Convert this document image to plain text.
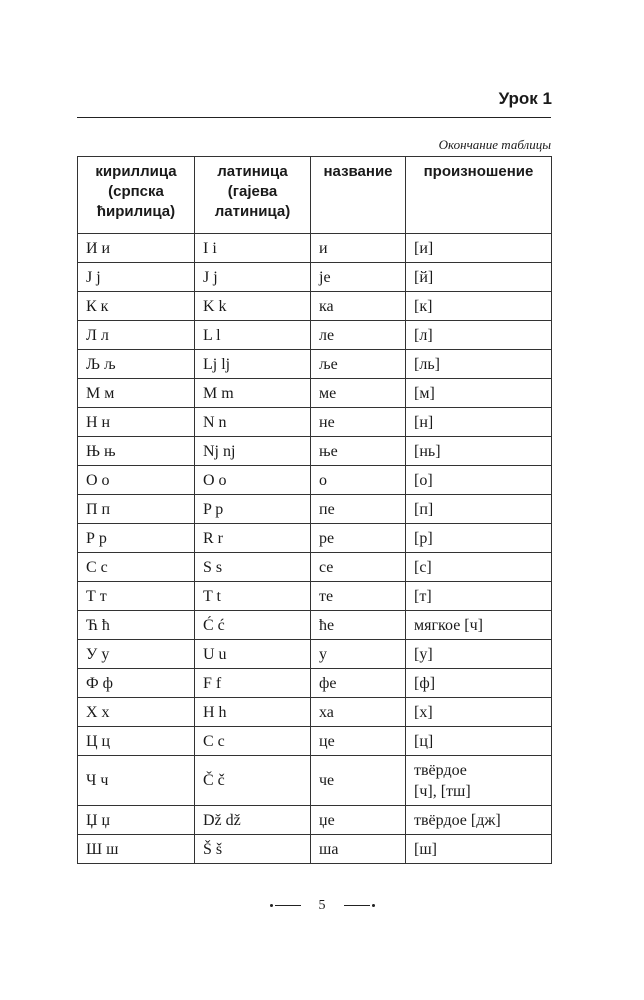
Урок 1
Окончание таблицы
кириллица
(српска
ћирилица)	латиница
(гајева
латиница)	название	произношение
И и	I i	и	[и]
Ј ј	J j	је	[й]
К к	K k	ка	[к]
Л л	L l	ле	[л]
Љ љ	Lj lj	ље	[ль]
М м	M m	ме	[м]
Н н	N n	не	[н]
Њ њ	Nj nj	ње	[нь]
О о	O o	о	[о]
П п	P p	пе	[п]
Р р	R r	ре	[р]
С с	S s	се	[с]
Т т	T t	те	[т]
Ћ ћ	Ć ć	ће	мягкое [ч]
У у	U u	у	[у]
Ф ф	F f	фе	[ф]
Х х	H h	ха	[х]
Ц ц	C c	це	[ц]
Ч ч	Č č	че	твёрдое
[ч], [тш]
Џ џ	Dž dž	џе	твёрдое [дж]
Ш ш	Š š	ша	[ш]
5
